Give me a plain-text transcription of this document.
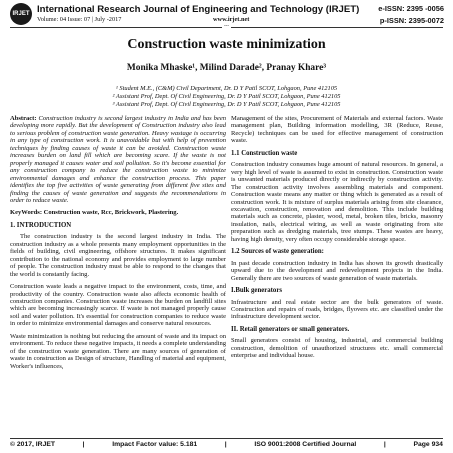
IRJET International Research Journal of Engineering and Technology (IRJET)	e-ISSN: 2395 -0056
Volume: 04 Issue: 07 | July -2017	www.irjet.net	p-ISSN: 2395-0072
---
Construction waste minimization
Monika Mhaske¹, Milind Darade², Pranay Khare³
¹ Student M.E., (C&M) Civil Department, Dr. D Y Patil SCOT, Lohgaon, Pune 412105
² Assistant Prof, Dept. Of Civil Engineering, Dr. D Y Patil SCOT, Lohgaon, Pune 412105
³ Assistant Prof, Dept. Of Civil Engineering, Dr. D Y Patil SCOT, Lohgaon, Pune 412105

Abstract: Construction industry is second largest industry in India and has been developing more rapidly. But the development of Construction industry also lead to serious problem of construction waste generation. Heavy wastage is occurring in any type of construction work. It is unavoidable but with help of prevention techniques by finding causes of waste it can be avoided. Construction waste increases burden on land fill which are becoming scare. If the waste is not properly managed it causes water and soil pollution. So it's become essential for any construction company to reduce the construction waste to minimize environmental damages and enhance the construction process. This paper identifies the top five activities of waste generating from different five sites and finding the causes of waste generation and suggests the recommendations in order to reduce waste.

KeyWords: Construction waste, Rcc, Brickwork, Plastering.

1. INTRODUCTION

The construction industry is the second largest industry in India. The construction industry as a whole presents many employment opportunities in the fields of building, civil engineering, offshore structures. It makes significant contribution to the national economy and provides employment to large number of people. The construction industry must be able to respond to the changes that the world is constantly facing.

Construction waste leads a negative impact to the environment, costs, time, and productivity of the country. Construction waste also affects economic health of construction companies. Construction waste increases the burden on landfill sites which are becoming increasingly scarce. If waste is not managed properly cause soil and water pollution. It's essential for construction companies to reduce waste in order to minimize environmental damages and conserve natural resources.

Waste minimization is nothing but reducing the amount of waste and its impact on environment. To reduce these negative impacts, it needs a complete understanding of the construction waste generation. There are many sources of generation of waste in construction as Design of structure, Handling of material and equipment, Worker's influences,

Management of the sites, Procurement of Materials and external factors. Waste management plan, Building information modelling, 3R (Reduce, Reuse, Recycle) techniques can be used for effective management of construction waste.

1.1 Construction waste

Construction industry consumes huge amount of natural resources. In general, a very high level of waste is assumed to exist in construction. Construction waste is unwanted materials produced directly or indirectly by construction activity. The construction activity involves assembling materials and component. Construction waste means any matter or thing which is generated as a result of construction work. It is mixture of surplus materials arising from site clearance, excavation, construction, renovation and demolition. This include building materials such as concrete, plaster, wood, metal, broken tiles, bricks, masonry insulation, nails, electrical wiring, as well as waste originating from site preparation such as dredging materials, tree stumps. These wastes are heavy, having high density, very often occupy considerable storage space.

1.2 Sources of waste generation:

In past decade construction industry in India has shown its growth drastically upward due to the development and redevelopment projects in the India. Generally there are two sources of waste generation of waste materials.

I.Bulk generators

Infrastructure and real estate sector are the bulk generators of waste. Construction and repairs of roads, bridges, flyovers etc. are classified under the infrastructure development sector.

II. Retail generators or small generators.

Small generators consist of housing, industrial, and commercial building construction, demolition of unauthorized structures etc. small commercial enterprise and individual house.

© 2017, IRJET	|	Impact Factor value: 5.181	|	ISO 9001:2008 Certified Journal	|	Page 934
